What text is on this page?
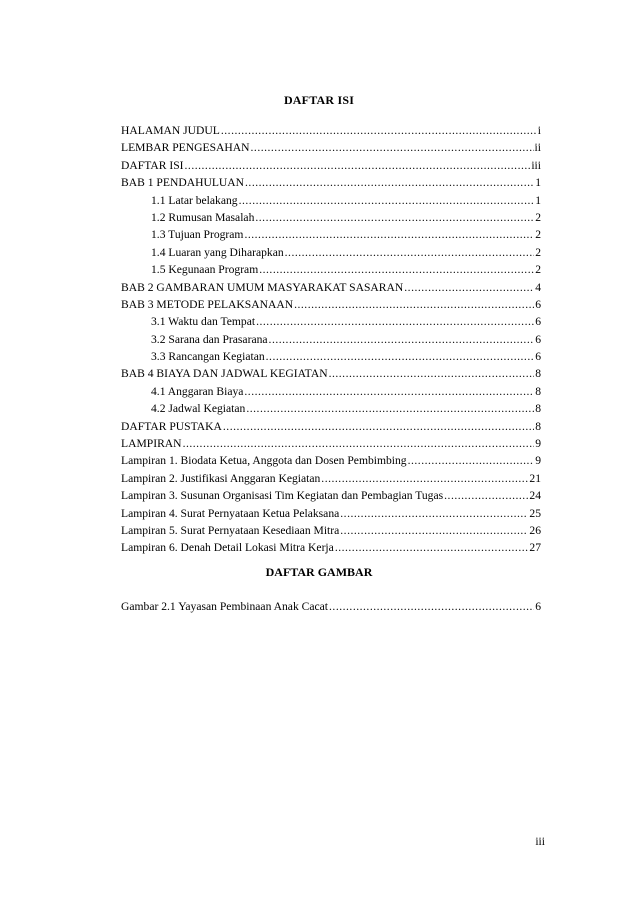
DAFTAR ISI
HALAMAN JUDUL .....	i
LEMBAR PENGESAHAN .....	ii
DAFTAR ISI .....	iii
BAB 1 PENDAHULUAN .....	1
1.1 Latar belakang .....	1
1.2 Rumusan Masalah .....	2
1.3 Tujuan Program .....	2
1.4 Luaran yang Diharapkan .....	2
1.5 Kegunaan Program .....	2
BAB 2 GAMBARAN UMUM MASYARAKAT SASARAN .....	4
BAB 3 METODE PELAKSANAAN .....	6
3.1 Waktu dan Tempat .....	6
3.2 Sarana dan Prasarana .....	6
3.3 Rancangan Kegiatan .....	6
BAB 4 BIAYA DAN JADWAL KEGIATAN .....	8
4.1 Anggaran Biaya .....	8
4.2 Jadwal Kegiatan .....	8
DAFTAR PUSTAKA .....	8
LAMPIRAN .....	9
Lampiran 1. Biodata Ketua, Anggota dan Dosen Pembimbing .....	9
Lampiran 2. Justifikasi Anggaran Kegiatan .....	21
Lampiran 3. Susunan Organisasi Tim Kegiatan dan Pembagian Tugas .....	24
Lampiran 4. Surat Pernyataan Ketua Pelaksana .....	25
Lampiran 5. Surat Pernyataan Kesediaan Mitra .....	26
Lampiran 6. Denah Detail Lokasi Mitra Kerja .....	27
DAFTAR GAMBAR
Gambar 2.1 Yayasan Pembinaan Anak Cacat .....	6
iii
